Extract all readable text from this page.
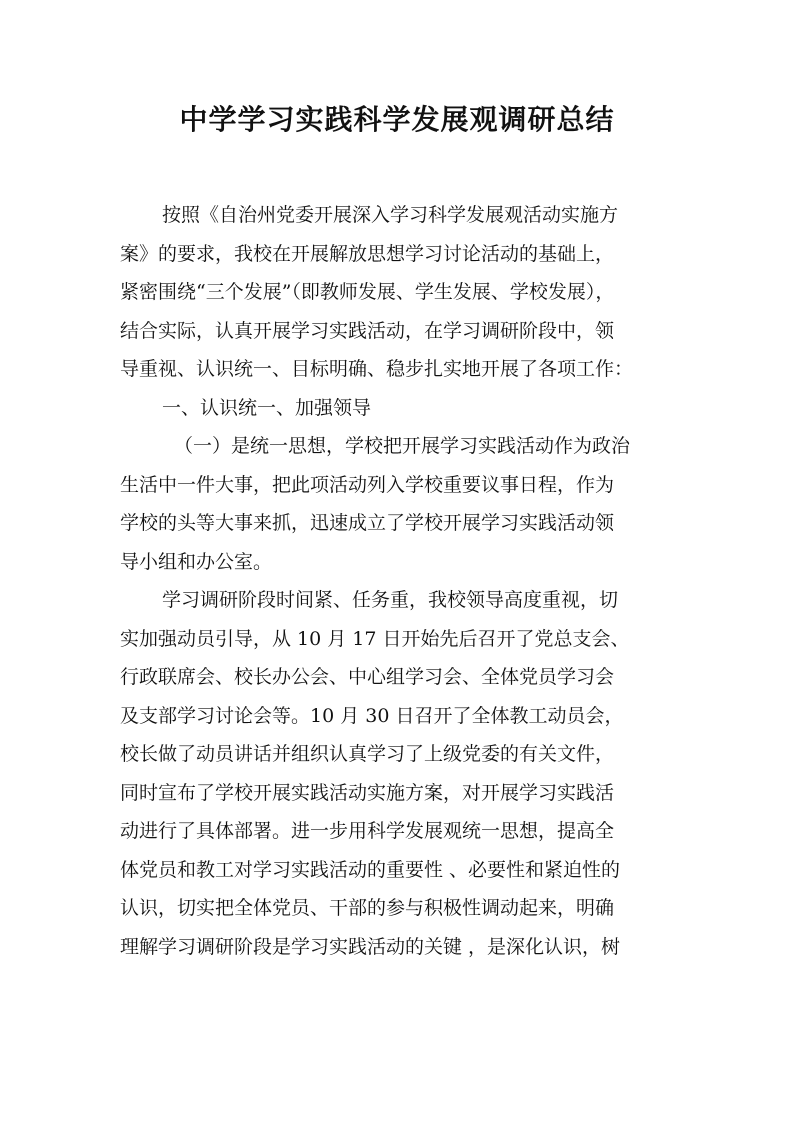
中学学习实践科学发展观调研总结
按照《自治州党委开展深入学习科学发展观活动实施方
案》的要求，我校在开展解放思想学习讨论活动的基础上，
紧密围绕“三个发展”（即教师发展、学生发展、学校发展），
结合实际，认真开展学习实践活动，在学习调研阶段中，领
导重视、认识统一、目标明确、稳步扎实地开展了各项工作：
一、认识统一、加强领导
（一）是统一思想，学校把开展学习实践活动作为政治
生活中一件大事，把此项活动列入学校重要议事日程，作为
学校的头等大事来抓，迅速成立了学校开展学习实践活动领
导小组和办公室。
学习调研阶段时间紧、任务重，我校领导高度重视，切
实加强动员引导，从 10 月 17 日开始先后召开了党总支会、
行政联席会、校长办公会、中心组学习会、全体党员学习会
及支部学习讨论会等。10 月 30 日召开了全体教工动员会，
校长做了动员讲话并组织认真学习了上级党委的有关文件，
同时宣布了学校开展实践活动实施方案，对开展学习实践活
动进行了具体部署。进一步用科学发展观统一思想，提高全
体党员和教工对学习实践活动的重要性 、必要性和紧迫性的
认识，切实把全体党员、干部的参与积极性调动起来，明确
理解学习调研阶段是学习实践活动的关键 ，是深化认识，树
